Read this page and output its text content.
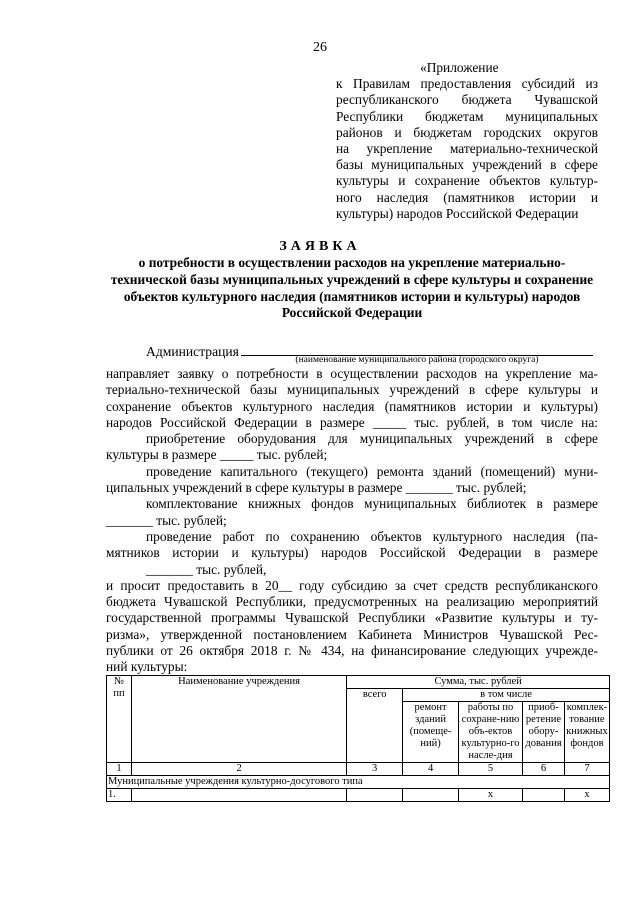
26
«Приложение
к Правилам предоставления субсидий из
республиканского бюджета Чувашской
Республики бюджетам муниципальных
районов и бюджетам городских округов
на укрепление материально-технической
базы муниципальных учреждений в сфере
культуры и сохранение объектов культур-
ного наследия (памятников истории и
культуры) народов Российской Федерации
ЗАЯВКА
о потребности в осуществлении расходов на укрепление материально-технической базы муниципальных учреждений в сфере культуры и сохранение объектов культурного наследия (памятников истории и культуры) народов Российской Федерации
Администрация
(наименование муниципального района (городского округа)
направляет заявку о потребности в осуществлении расходов на укрепление ма-
териально-технической базы муниципальных учреждений в сфере культуры и
сохранение объектов культурного наследия (памятников истории и культуры)
народов Российской Федерации в размере _____ тыс. рублей, в том числе на:
приобретение оборудования для муниципальных учреждений в сфере
культуры в размере _____ тыс. рублей;
проведение капитального (текущего) ремонта зданий (помещений) муни-
ципальных учреждений в сфере культуры в размере _______ тыс. рублей;
комплектование книжных фондов муниципальных библиотек в размере
_______ тыс. рублей;
проведение работ по сохранению объектов культурного наследия (па-
мятников истории и культуры) народов Российской Федерации в размере
_______ тыс. рублей,
и просит предоставить в 20__ году субсидию за счет средств республиканского
бюджета Чувашской Республики, предусмотренных на реализацию мероприятий
государственной программы Чувашской Республики «Развитие культуры и ту-
ризма», утвержденной постановлением Кабинета Министров Чувашской Рес-
публики от 26 октября 2018 г. № 434, на финансирование следующих учрежде-
ний культуры:
№ пп	Наименование учреждения	Сумма, тыс. рублей				
		всего	в том числе			
			ремонт зданий (помеще-ний)	работы по сохране-нию объ-ектов культурно-го насле-дия	приоб-ретение обору-дования	комплек-тование книжных фондов
1	2	3	4	5	6	7
Муниципальные учреждения культурно-досугового типа						
1.				х		х
